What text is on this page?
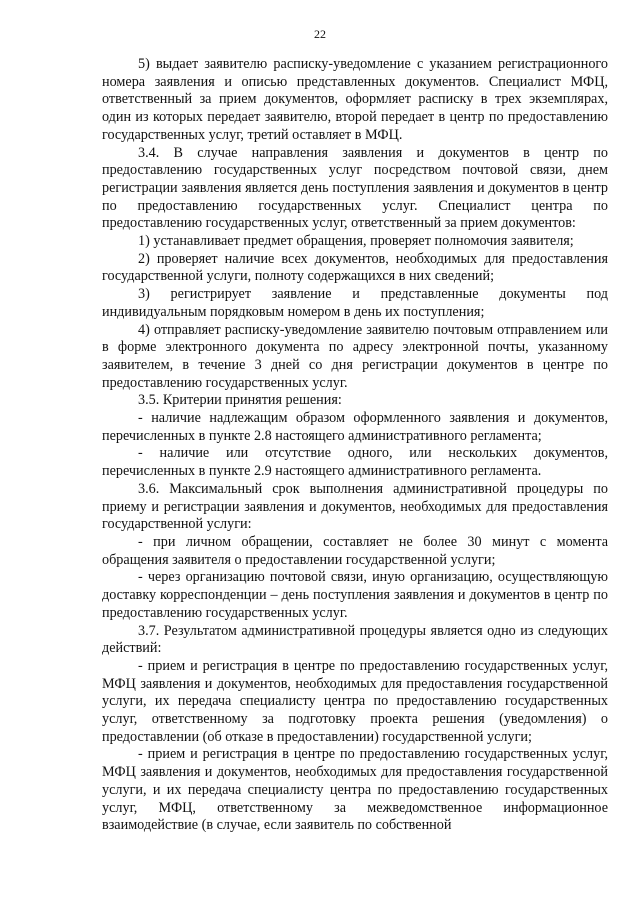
22

5) выдает заявителю расписку-уведомление с указанием регистрационного номера заявления и описью представленных документов. Специалист МФЦ, ответственный за прием документов, оформляет расписку в трех экземплярах, один из которых передает заявителю, второй передает в центр по предоставлению государственных услуг, третий оставляет в МФЦ.

3.4. В случае направления заявления и документов в центр по предоставлению государственных услуг посредством почтовой связи, днем регистрации заявления является день поступления заявления и документов в центр по предоставлению государственных услуг. Специалист центра по предоставлению государственных услуг, ответственный за прием документов:

1) устанавливает предмет обращения, проверяет полномочия заявителя;

2) проверяет наличие всех документов, необходимых для предоставления государственной услуги, полноту содержащихся в них сведений;

3) регистрирует заявление и представленные документы под индивидуальным порядковым номером в день их поступления;

4) отправляет расписку-уведомление заявителю почтовым отправлением или в форме электронного документа по адресу электронной почты, указанному заявителем, в течение 3 дней со дня регистрации документов в центре по предоставлению государственных услуг.

3.5. Критерии принятия решения:

- наличие надлежащим образом оформленного заявления и документов, перечисленных в пункте 2.8 настоящего административного регламента;

- наличие или отсутствие одного, или нескольких документов, перечисленных в пункте 2.9 настоящего административного регламента.

3.6. Максимальный срок выполнения административной процедуры по приему и регистрации заявления и документов, необходимых для предоставления государственной услуги:

- при личном обращении, составляет не более 30 минут с момента обращения заявителя о предоставлении государственной услуги;

- через организацию почтовой связи, иную организацию, осуществляющую доставку корреспонденции – день поступления заявления и документов в центр по предоставлению государственных услуг.

3.7. Результатом административной процедуры является одно из следующих действий:

- прием и регистрация в центре по предоставлению государственных услуг, МФЦ заявления и документов, необходимых для предоставления государственной услуги, их передача специалисту центра по предоставлению государственных услуг, ответственному за подготовку проекта решения (уведомления) о предоставлении (об отказе в предоставлении) государственной услуги;

- прием и регистрация в центре по предоставлению государственных услуг, МФЦ заявления и документов, необходимых для предоставления государственной услуги, и их передача специалисту центра по предоставлению государственных услуг, МФЦ, ответственному за межведомственное информационное взаимодействие (в случае, если заявитель по собственной
